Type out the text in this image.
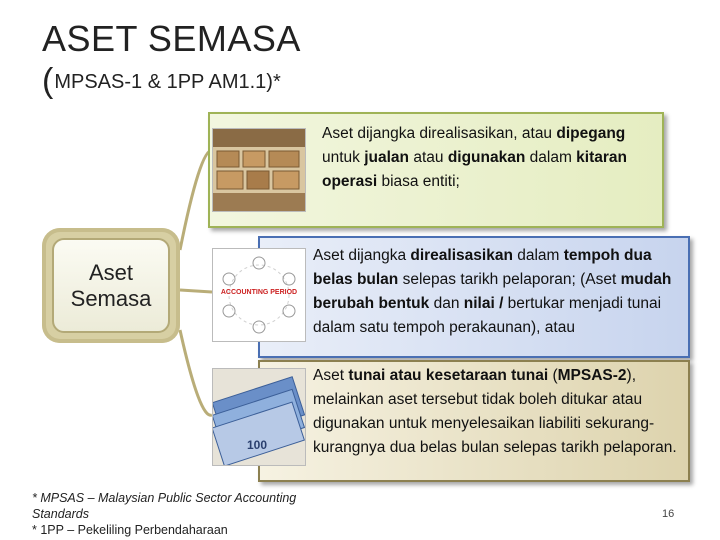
ASET SEMASA
(MPSAS-1 & 1PP AM1.1)*
Aset
Semasa	ACCOUNTING PERIOD
100
Aset dijangka direalisasikan, atau dipegang untuk jualan atau digunakan dalam kitaran operasi biasa entiti;
Aset dijangka direalisasikan dalam tempoh dua belas bulan selepas tarikh pelaporan; (Aset mudah berubah bentuk dan nilai / bertukar menjadi tunai dalam satu tempoh perakaunan), atau
Aset tunai atau kesetaraan tunai (MPSAS-2), melainkan aset tersebut tidak boleh ditukar atau digunakan untuk menyelesaikan liabiliti sekurang-kurangnya dua belas bulan selepas tarikh pelaporan.
* MPSAS – Malaysian Public Sector Accounting
Standards
* 1PP – Pekeliling Perbendaharaan
16
